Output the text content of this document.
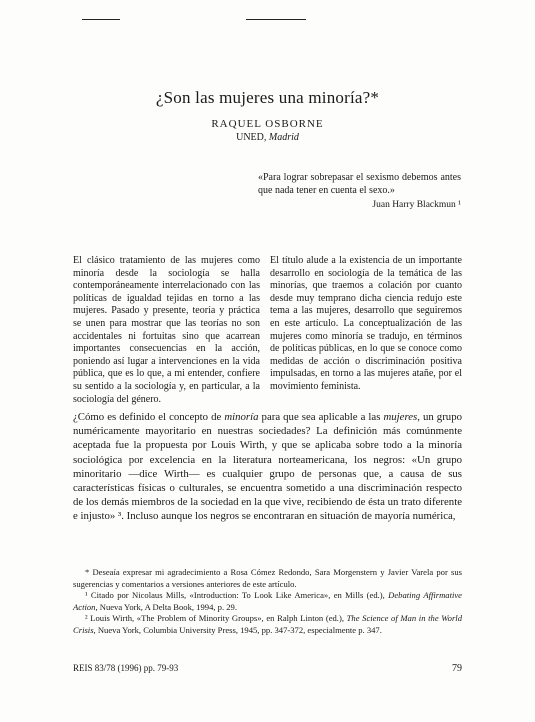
¿Son las mujeres una minoría?*
RAQUEL OSBORNE
UNED, Madrid
«Para lograr sobrepasar el sexismo debemos antes que nada tener en cuenta el sexo.»
Juan Harry Blackmun ¹
El clásico tratamiento de las mujeres como minoría desde la sociología se halla contemporáneamente interrelacionado con las políticas de igualdad tejidas en torno a las mujeres. Pasado y presente, teoría y práctica se unen para mostrar que las teorías no son accidentales ni fortuitas sino que acarrean importantes consecuencias en la acción, poniendo así lugar a intervenciones en la vida pública, que es lo que, a mi entender, confiere su sentido a la sociología y, en particular, a la sociología del género.
El título alude a la existencia de un importante desarrollo en sociología de la temática de las minorías, que traemos a colación por cuanto desde muy temprano dicha ciencia redujo este tema a las mujeres, desarrollo que seguiremos en este artículo. La conceptualización de las mujeres como minoría se tradujo, en términos de políticas públicas, en lo que se conoce como medidas de acción o discriminación positiva impulsadas, en torno a las mujeres atañe, por el movimiento feminista.

¿Cómo es definido el concepto de minoría para que sea aplicable a las mujeres, un grupo numéricamente mayoritario en nuestras sociedades? La definición más comúnmente aceptada fue la propuesta por Louis Wirth, y que se aplicaba sobre todo a la minoría sociológica por excelencia en la literatura norteamericana, los negros: «Un grupo minoritario —dice Wirth— es cualquier grupo de personas que, a causa de sus características físicas o culturales, se encuentra sometido a una discriminación respecto de los demás miembros de la sociedad en la que vive, recibiendo de ésta un trato diferente e injusto» ³. Incluso aunque los negros se encontraran en situación de mayoría numérica,

* Deseaía expresar mi agradecimiento a Rosa Cómez Redondo, Sara Morgenstern y Javier Varela por sus sugerencias y comentarios a versiones anteriores de este artículo.

¹ Citado por Nicolaus Mills, «Introduction: To Look Like America», en Mills (ed.), Debating Affirmative Action, Nueva York, A Delta Book, 1994, p. 29.

² Louis Wirth, «The Problem of Minority Groups», en Ralph Linton (ed.), The Science of Man in the World Crisis, Nueva York, Columbia University Press, 1945, pp. 347-372, especialmente p. 347.

REIS 83/78 (1996) pp. 79-93	79
